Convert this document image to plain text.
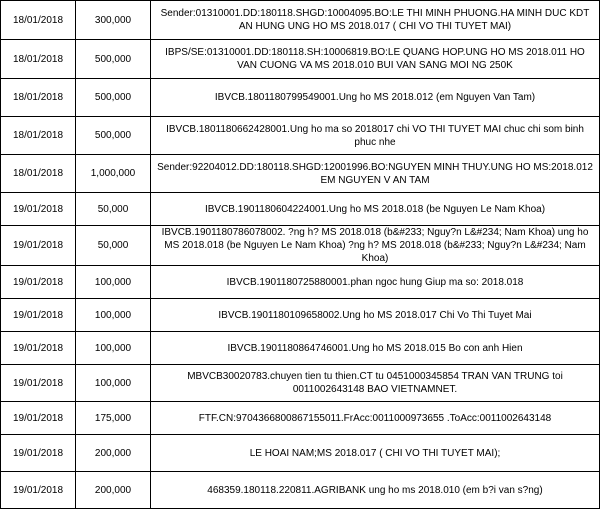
18/01/2018	300,000	Sender:01310001.DD:180118.SHGD:10004095.BO:LE THI MINH PHUONG.HA MINH DUC KDT AN HUNG UNG HO MS 2018.017 ( CHI VO THI TUYET MAI)
18/01/2018	500,000	IBPS/SE:01310001.DD:180118.SH:10006819.BO:LE QUANG HOP.UNG HO MS 2018.011 HO VAN CUONG VA MS 2018.010 BUI VAN SANG MOI NG 250K
18/01/2018	500,000	IBVCB.1801180799549001.Ung ho MS 2018.012 (em Nguyen Van Tam)
18/01/2018	500,000	IBVCB.1801180662428001.Ung ho ma so 2018017 chi VO THI TUYET MAI chuc chi som binh phuc nhe
18/01/2018	1,000,000	Sender:92204012.DD:180118.SHGD:12001996.BO:NGUYEN MINH THUY.UNG HO MS:2018.012 EM NGUYEN V AN TAM
19/01/2018	50,000	IBVCB.1901180604224001.Ung ho MS 2018.018 (be Nguyen Le Nam Khoa)
19/01/2018	50,000	IBVCB.1901180786078002. ?ng h? MS 2018.018 (b&#233; Nguy?n L&#234; Nam Khoa) ung ho MS 2018.018 (be Nguyen Le Nam Khoa) ?ng h? MS 2018.018 (b&#233; Nguy?n L&#234; Nam Khoa)
19/01/2018	100,000	IBVCB.1901180725880001.phan ngoc hung Giup ma so: 2018.018
19/01/2018	100,000	IBVCB.1901180109658002.Ung ho MS 2018.017 Chi Vo Thi Tuyet Mai
19/01/2018	100,000	IBVCB.1901180864746001.Ung ho MS 2018.015 Bo con anh Hien
19/01/2018	100,000	MBVCB30020783.chuyen tien tu thien.CT tu 0451000345854 TRAN VAN TRUNG toi 0011002643148 BAO VIETNAMNET.
19/01/2018	175,000	FTF.CN:9704366800867155011.FrAcc:0011000973655 .ToAcc:0011002643148
19/01/2018	200,000	LE HOAI NAM;MS 2018.017 ( CHI VO THI TUYET MAI);
19/01/2018	200,000	468359.180118.220811.AGRIBANK ung ho ms 2018.010 (em b?i van s?ng)
